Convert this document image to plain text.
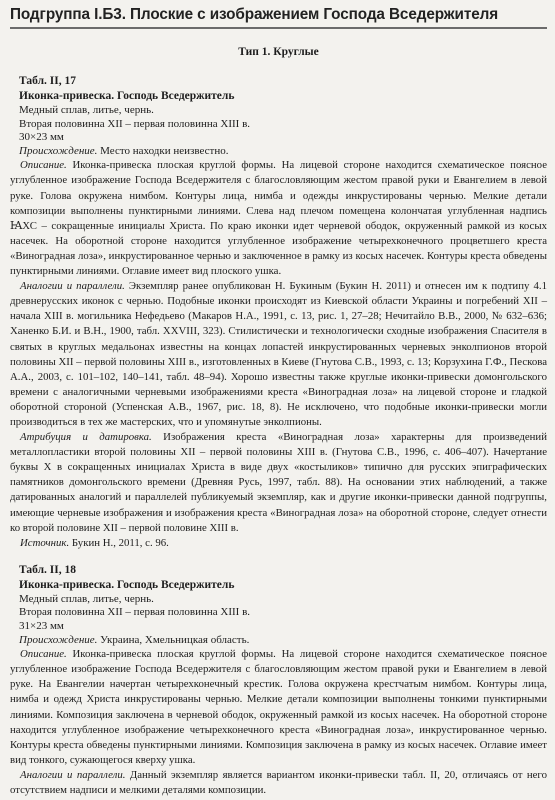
Подгруппа I.Б3. Плоские с изображением Господа Вседержителя
Тип 1. Круглые
Табл. II, 17
Иконка-привеска. Господь Вседержитель
Медный сплав, литье, чернь.
Вторая половинна XII – первая половинна XIII в.
30×23 мм
Происхождение. Место находки неизвестно.

Описание. Иконка-привеска плоская круглой формы. На лицевой стороне находится схематическое поясное углубленное изображение Господа Вседержителя с благословляющим жестом правой руки и Евангелием в левой руке. Голова окружена нимбом. Контуры лица, нимба и одежды инкрустированы чернью. Мелкие детали композиции выполнены пунктирными линиями. Слева над плечом помещена колончатая углубленная надпись ꙖХС – сокращенные инициалы Христа. По краю иконки идет черневой ободок, окруженный рамкой из косых насечек. На оборотной стороне находится углубленное изображение четырехконечного процветшего креста «Виноградная лоза», инкрустированное чернью и заключенное в рамку из косых насечек. Контуры креста обведены пунктирными линиями. Оглавие имеет вид плоского ушка.

Аналогии и параллели. Экземпляр ранее опубликован Н. Букиным (Букин Н. 2011) и отнесен им к подтипу 4.1 древнерусских иконок с чернью. Подобные иконки происходят из Киевской области Украины и погребений XII – начала XIII в. могильника Нефедьево (Макаров Н.А., 1991, с. 13, рис. 1, 27–28; Нечитайло В.В., 2000, № 632–636; Ханенко Б.И. и В.Н., 1900, табл. XXVIII, 323). Стилистически и технологически сходные изображения Спасителя в святых в круглых медальонах известны на концах лопастей инкрустированных черневых энколпионов второй половины XII – первой половины XIII в., изготовленных в Киеве (Гнутова С.В., 1993, с. 13; Корзухина Г.Ф., Пескова А.А., 2003, с. 101–102, 140–141, табл. 48–94). Хорошо известны также круглые иконки-привески домонгольского времени с аналогичными черневыми изображениями креста «Виноградная лоза» на лицевой стороне и гладкой оборотной стороной (Успенская А.В., 1967, рис. 18, 8). Не исключено, что подобные иконки-привески могли производиться в тех же мастерских, что и упомянутые энколпионы.

Атрибуция и датировка. Изображения креста «Виноградная лоза» характерны для произведений металлопластики второй половины XII – первой половины XIII в. (Гнутова С.В., 1996, с. 406–407). Начертание буквы Х в сокращенных инициалах Христа в виде двух «костыликов» типично для русских эпиграфических памятников домонгольского времени (Древняя Русь, 1997, табл. 88). На основании этих наблюдений, а также датированных аналогий и параллелей публикуемый экземпляр, как и другие иконки-привески данной подгруппы, имеющие черневые изображения и изображения креста «Виноградная лоза» на оборотной стороне, следует отнести ко второй половине XII – первой половине XIII в.

Источник. Букин Н., 2011, с. 96.

Табл. II, 18
Иконка-привеска. Господь Вседержитель
Медный сплав, литье, чернь.
Вторая половинна XII – первая половинна XIII в.
31×23 мм
Происхождение. Украина, Хмельницкая область.

Описание. Иконка-привеска плоская круглой формы. На лицевой стороне находится схематическое поясное углубленное изображение Господа Вседержителя с благословляющим жестом правой руки и Евангелием в левой руке. На Евангелии начертан четырехконечный крестик. Голова окружена крестчатым нимбом. Контуры лица, нимба и одежд Христа инкрустированы чернью. Мелкие детали композиции выполнены тонкими пунктирными линиями. Композиция заключена в черневой ободок, окруженный рамкой из косых насечек. На оборотной стороне находится углубленное изображение четырехконечного креста «Виноградная лоза», инкрустированное чернью. Контуры креста обведены пунктирными линиями. Композиция заключена в рамку из косых насечек. Оглавие имеет вид тонкого, сужающегося кверху ушка.

Аналогии и параллели. Данный экземпляр является вариантом иконки-привески табл. II, 20, отличаясь от него отсутствием надписи и мелкими деталями композиции.
